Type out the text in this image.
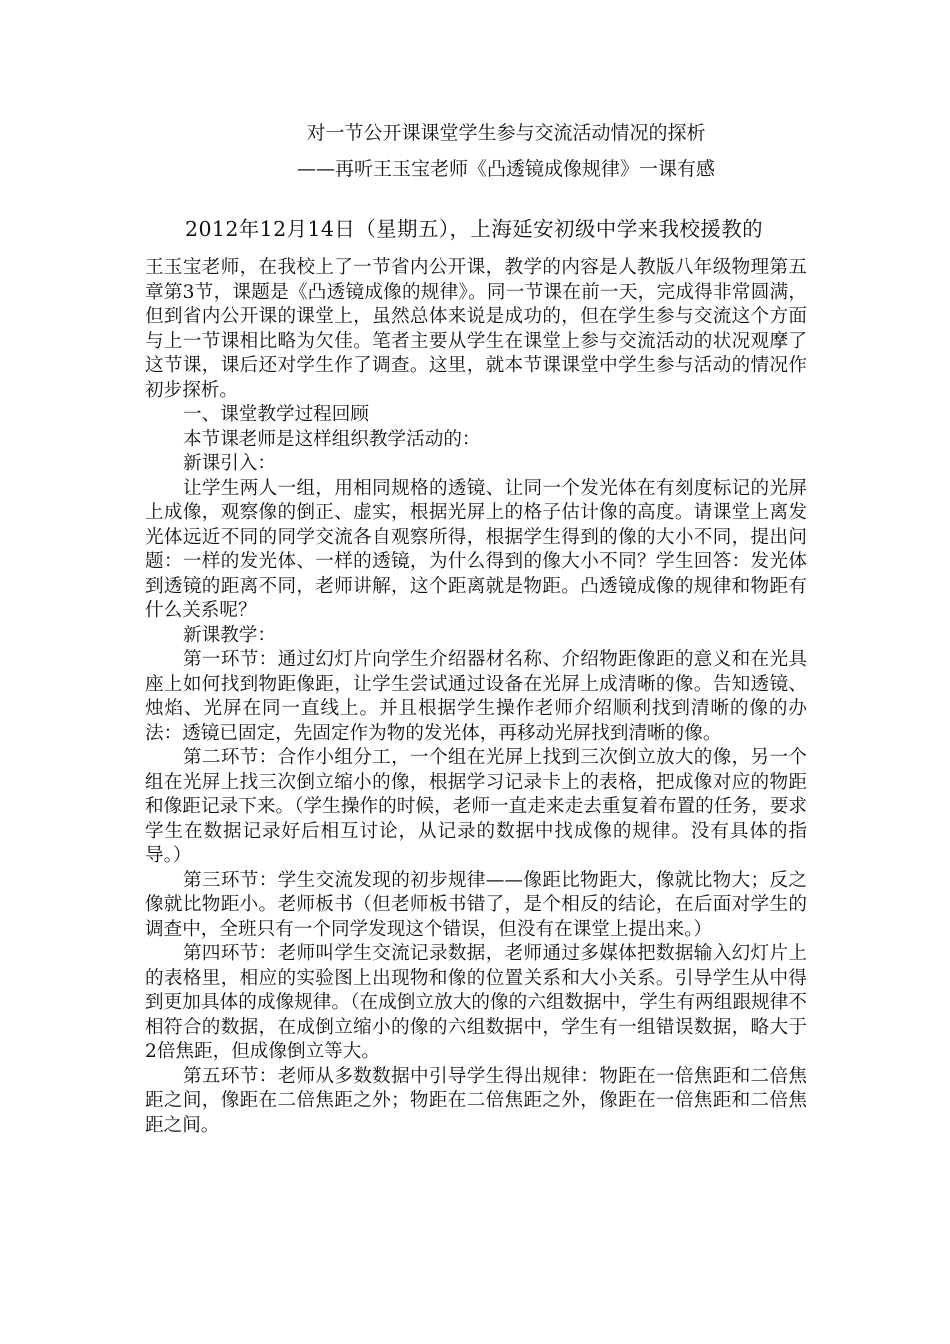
对一节公开课课堂学生参与交流活动情况的探析
——再听王玉宝老师《凸透镜成像规律》一课有感

2012年12月14日（星期五），上海延安初级中学来我校援教的

王玉宝老师，在我校上了一节省内公开课，教学的内容是人教版八年级物理第五章第3节，课题是《凸透镜成像的规律》。同一节课在前一天，完成得非常圆满，但到省内公开课的课堂上，虽然总体来说是成功的，但在学生参与交流这个方面与上一节课相比略为欠佳。笔者主要从学生在课堂上参与交流活动的状况观摩了这节课，课后还对学生作了调查。这里，就本节课课堂中学生参与活动的情况作初步探析。

一、课堂教学过程回顾

本节课老师是这样组织教学活动的：

新课引入：

让学生两人一组，用相同规格的透镜、让同一个发光体在有刻度标记的光屏上成像，观察像的倒正、虚实，根据光屏上的格子估计像的高度。请课堂上离发光体远近不同的同学交流各自观察所得，根据学生得到的像的大小不同，提出问题：一样的发光体、一样的透镜，为什么得到的像大小不同？学生回答：发光体到透镜的距离不同，老师讲解，这个距离就是物距。凸透镜成像的规律和物距有什么关系呢？

新课教学：

第一环节：通过幻灯片向学生介绍器材名称、介绍物距像距的意义和在光具座上如何找到物距像距，让学生尝试通过设备在光屏上成清晰的像。告知透镜、烛焰、光屏在同一直线上。并且根据学生操作老师介绍顺利找到清晰的像的办法：透镜已固定，先固定作为物的发光体，再移动光屏找到清晰的像。

第二环节：合作小组分工，一个组在光屏上找到三次倒立放大的像，另一个组在光屏上找三次倒立缩小的像，根据学习记录卡上的表格，把成像对应的物距和像距记录下来。（学生操作的时候，老师一直走来走去重复着布置的任务，要求学生在数据记录好后相互讨论，从记录的数据中找成像的规律。没有具体的指导。）

第三环节：学生交流发现的初步规律——像距比物距大，像就比物大；反之像就比物距小。老师板书（但老师板书错了，是个相反的结论，在后面对学生的调查中，全班只有一个同学发现这个错误，但没有在课堂上提出来。）

第四环节：老师叫学生交流记录数据，老师通过多媒体把数据输入幻灯片上的表格里，相应的实验图上出现物和像的位置关系和大小关系。引导学生从中得到更加具体的成像规律。（在成倒立放大的像的六组数据中，学生有两组跟规律不相符合的数据，在成倒立缩小的像的六组数据中，学生有一组错误数据，略大于2倍焦距，但成像倒立等大。

第五环节：老师从多数数据中引导学生得出规律：物距在一倍焦距和二倍焦距之间，像距在二倍焦距之外；物距在二倍焦距之外，像距在一倍焦距和二倍焦距之间。
